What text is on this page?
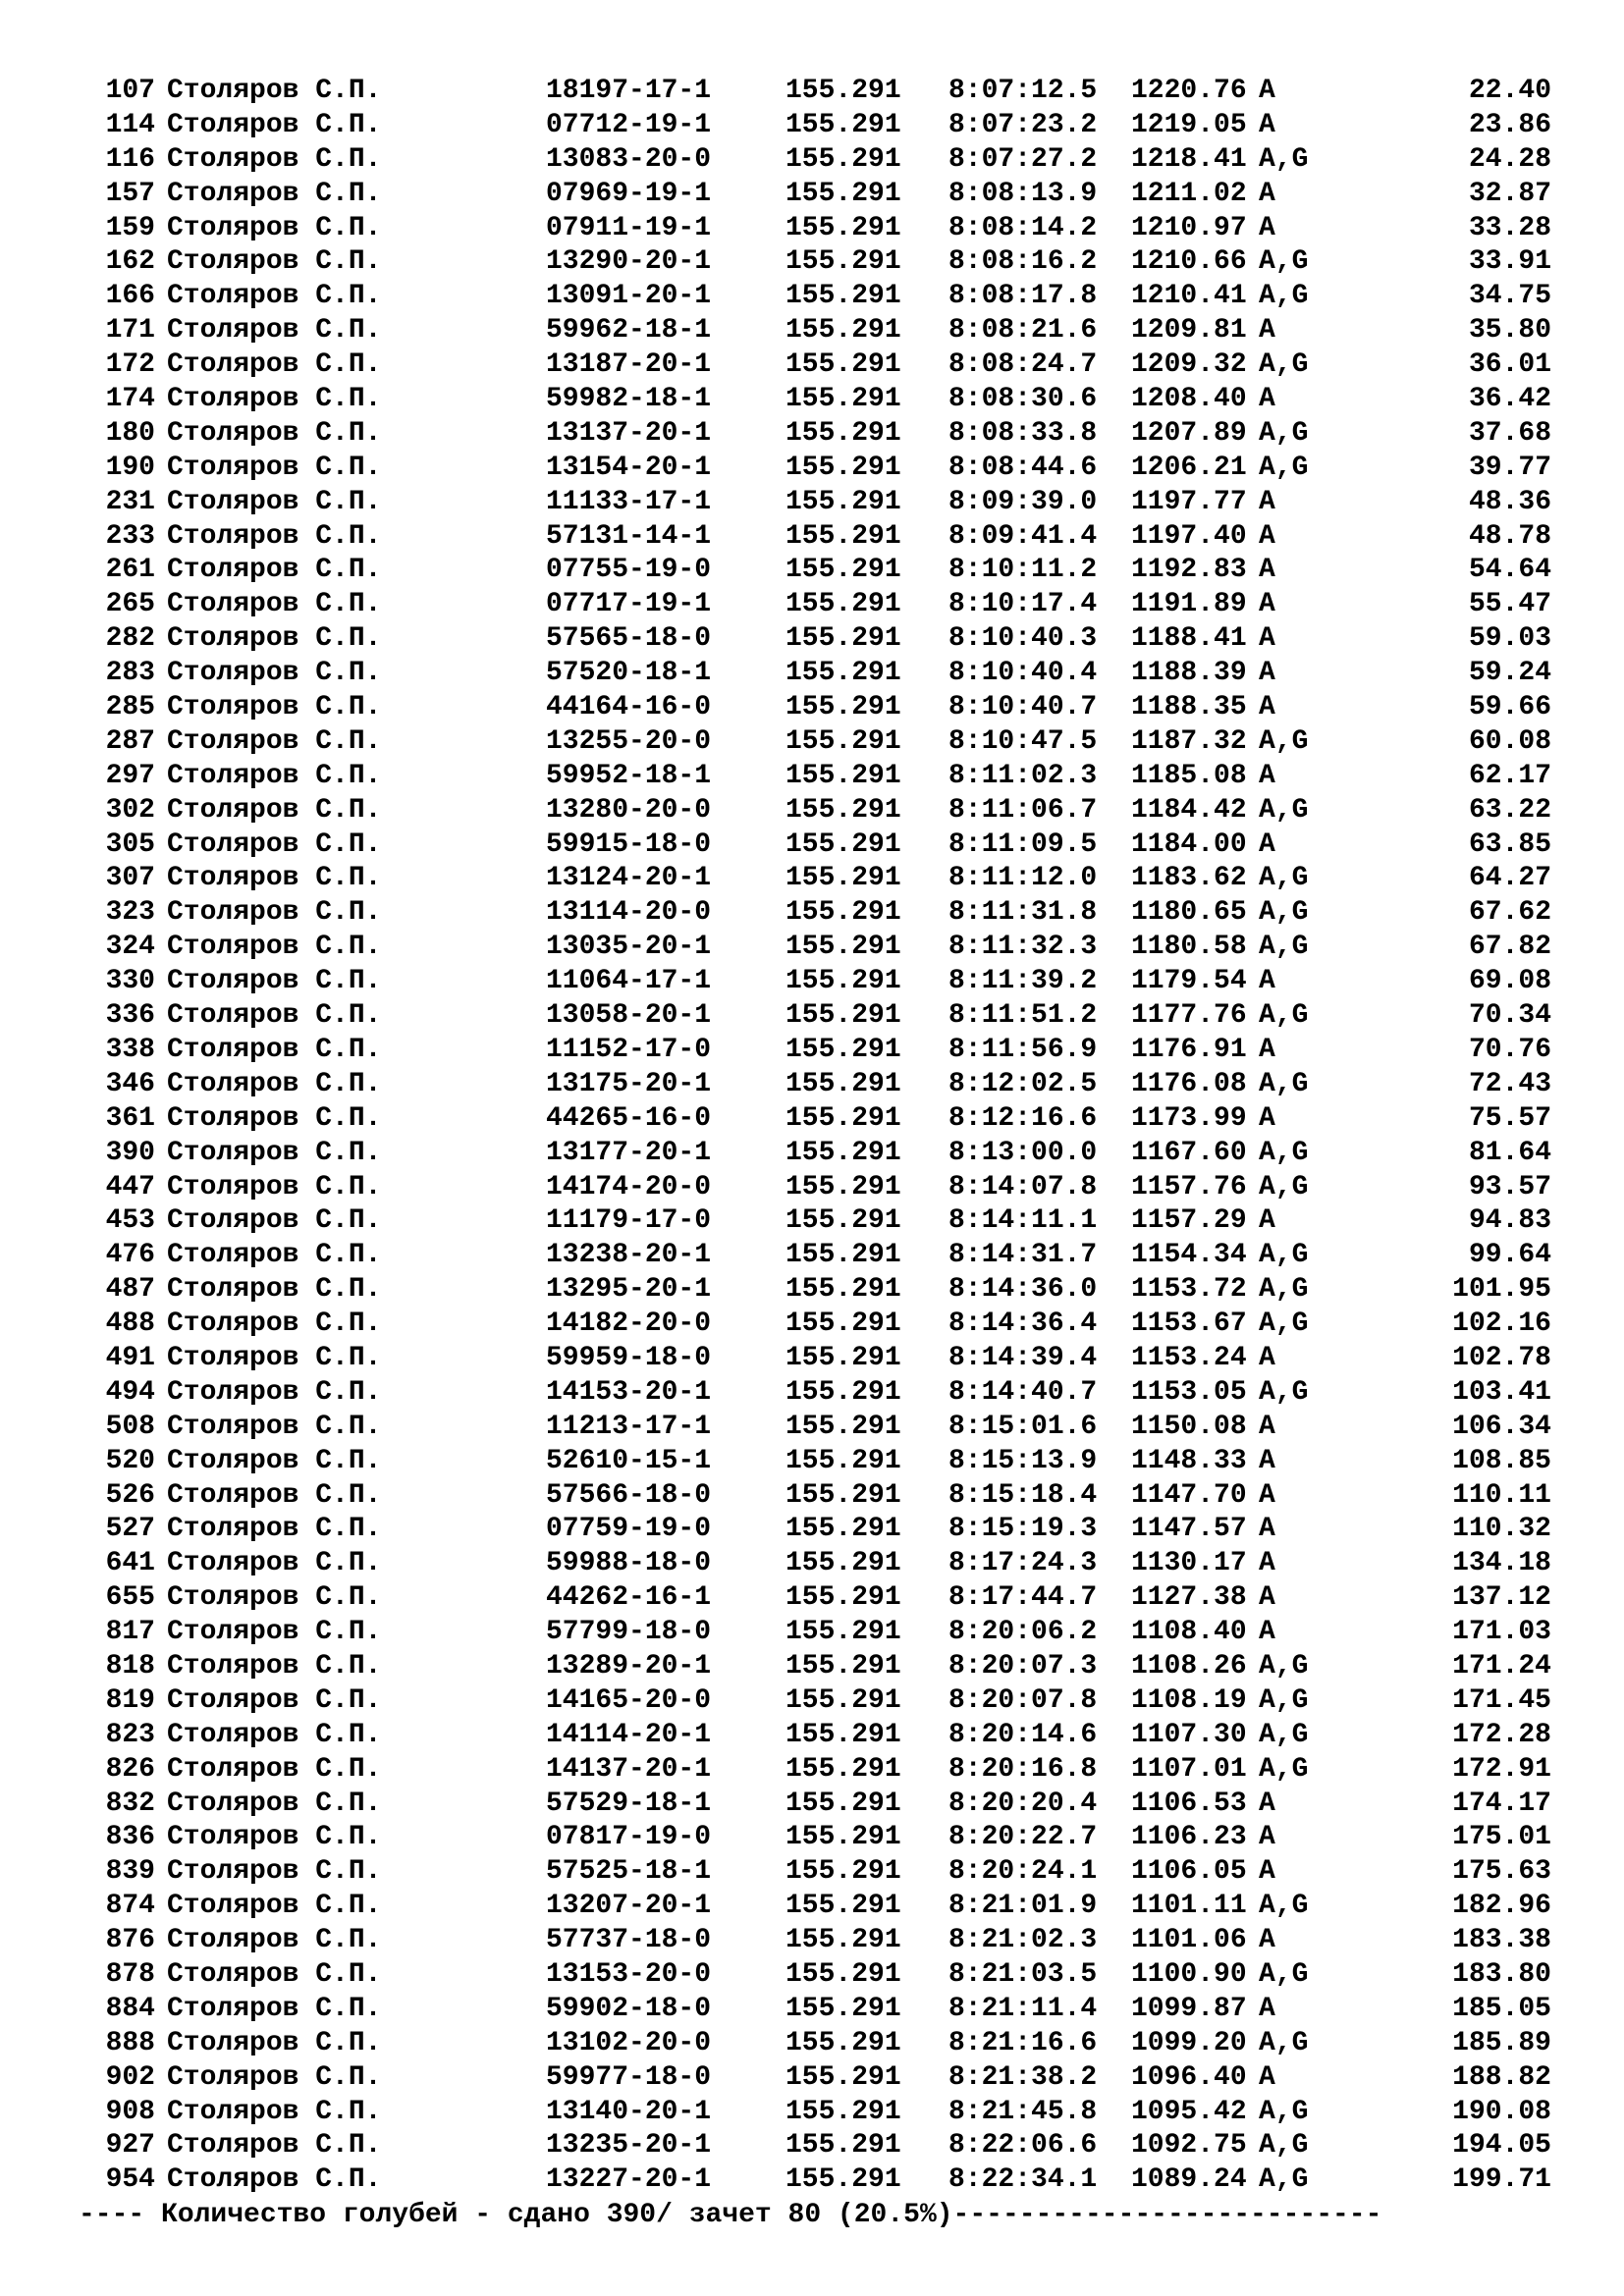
107 Столяров С.П.	18197-17-1	155.291 8:07:12.5 1220.76 A	22.40
114 Столяров С.П.	07712-19-1	155.291 8:07:23.2 1219.05 A	23.86
116 Столяров С.П.	13083-20-0	155.291 8:07:27.2 1218.41 A,G	24.28
157 Столяров С.П.	07969-19-1	155.291 8:08:13.9 1211.02 A	32.87
159 Столяров С.П.	07911-19-1	155.291 8:08:14.2 1210.97 A	33.28
162 Столяров С.П.	13290-20-1	155.291 8:08:16.2 1210.66 A,G	33.91
166 Столяров С.П.	13091-20-1	155.291 8:08:17.8 1210.41 A,G	34.75
171 Столяров С.П.	59962-18-1	155.291 8:08:21.6 1209.81 A	35.80
172 Столяров С.П.	13187-20-1	155.291 8:08:24.7 1209.32 A,G	36.01
174 Столяров С.П.	59982-18-1	155.291 8:08:30.6 1208.40 A	36.42
180 Столяров С.П.	13137-20-1	155.291 8:08:33.8 1207.89 A,G	37.68
190 Столяров С.П.	13154-20-1	155.291 8:08:44.6 1206.21 A,G	39.77
231 Столяров С.П.	11133-17-1	155.291 8:09:39.0 1197.77 A	48.36
233 Столяров С.П.	57131-14-1	155.291 8:09:41.4 1197.40 A	48.78
261 Столяров С.П.	07755-19-0	155.291 8:10:11.2 1192.83 A	54.64
265 Столяров С.П.	07717-19-1	155.291 8:10:17.4 1191.89 A	55.47
282 Столяров С.П.	57565-18-0	155.291 8:10:40.3 1188.41 A	59.03
283 Столяров С.П.	57520-18-1	155.291 8:10:40.4 1188.39 A	59.24
285 Столяров С.П.	44164-16-0	155.291 8:10:40.7 1188.35 A	59.66
287 Столяров С.П.	13255-20-0	155.291 8:10:47.5 1187.32 A,G	60.08
297 Столяров С.П.	59952-18-1	155.291 8:11:02.3 1185.08 A	62.17
302 Столяров С.П.	13280-20-0	155.291 8:11:06.7 1184.42 A,G	63.22
305 Столяров С.П.	59915-18-0	155.291 8:11:09.5 1184.00 A	63.85
307 Столяров С.П.	13124-20-1	155.291 8:11:12.0 1183.62 A,G	64.27
323 Столяров С.П.	13114-20-0	155.291 8:11:31.8 1180.65 A,G	67.62
324 Столяров С.П.	13035-20-1	155.291 8:11:32.3 1180.58 A,G	67.82
330 Столяров С.П.	11064-17-1	155.291 8:11:39.2 1179.54 A	69.08
336 Столяров С.П.	13058-20-1	155.291 8:11:51.2 1177.76 A,G	70.34
338 Столяров С.П.	11152-17-0	155.291 8:11:56.9 1176.91 A	70.76
346 Столяров С.П.	13175-20-1	155.291 8:12:02.5 1176.08 A,G	72.43
361 Столяров С.П.	44265-16-0	155.291 8:12:16.6 1173.99 A	75.57
390 Столяров С.П.	13177-20-1	155.291 8:13:00.0 1167.60 A,G	81.64
447 Столяров С.П.	14174-20-0	155.291 8:14:07.8 1157.76 A,G	93.57
453 Столяров С.П.	11179-17-0	155.291 8:14:11.1 1157.29 A	94.83
476 Столяров С.П.	13238-20-1	155.291 8:14:31.7 1154.34 A,G	99.64
487 Столяров С.П.	13295-20-1	155.291 8:14:36.0 1153.72 A,G	101.95
488 Столяров С.П.	14182-20-0	155.291 8:14:36.4 1153.67 A,G	102.16
491 Столяров С.П.	59959-18-0	155.291 8:14:39.4 1153.24 A	102.78
494 Столяров С.П.	14153-20-1	155.291 8:14:40.7 1153.05 A,G	103.41
508 Столяров С.П.	11213-17-1	155.291 8:15:01.6 1150.08 A	106.34
520 Столяров С.П.	52610-15-1	155.291 8:15:13.9 1148.33 A	108.85
526 Столяров С.П.	57566-18-0	155.291 8:15:18.4 1147.70 A	110.11
527 Столяров С.П.	07759-19-0	155.291 8:15:19.3 1147.57 A	110.32
641 Столяров С.П.	59988-18-0	155.291 8:17:24.3 1130.17 A	134.18
655 Столяров С.П.	44262-16-1	155.291 8:17:44.7 1127.38 A	137.12
817 Столяров С.П.	57799-18-0	155.291 8:20:06.2 1108.40 A	171.03
818 Столяров С.П.	13289-20-1	155.291 8:20:07.3 1108.26 A,G	171.24
819 Столяров С.П.	14165-20-0	155.291 8:20:07.8 1108.19 A,G	171.45
823 Столяров С.П.	14114-20-1	155.291 8:20:14.6 1107.30 A,G	172.28
826 Столяров С.П.	14137-20-1	155.291 8:20:16.8 1107.01 A,G	172.91
832 Столяров С.П.	57529-18-1	155.291 8:20:20.4 1106.53 A	174.17
836 Столяров С.П.	07817-19-0	155.291 8:20:22.7 1106.23 A	175.01
839 Столяров С.П.	57525-18-1	155.291 8:20:24.1 1106.05 A	175.63
874 Столяров С.П.	13207-20-1	155.291 8:21:01.9 1101.11 A,G	182.96
876 Столяров С.П.	57737-18-0	155.291 8:21:02.3 1101.06 A	183.38
878 Столяров С.П.	13153-20-0	155.291 8:21:03.5 1100.90 A,G	183.80
884 Столяров С.П.	59902-18-0	155.291 8:21:11.4 1099.87 A	185.05
888 Столяров С.П.	13102-20-0	155.291 8:21:16.6 1099.20 A,G	185.89
902 Столяров С.П.	59977-18-0	155.291 8:21:38.2 1096.40 A	188.82
908 Столяров С.П.	13140-20-1	155.291 8:21:45.8 1095.42 A,G	190.08
927 Столяров С.П.	13235-20-1	155.291 8:22:06.6 1092.75 A,G	194.05
954 Столяров С.П.	13227-20-1	155.291 8:22:34.1 1089.24 A,G	199.71
---- Количество голубей - сдано 390/ зачет 80 (20.5%)--------------------------
